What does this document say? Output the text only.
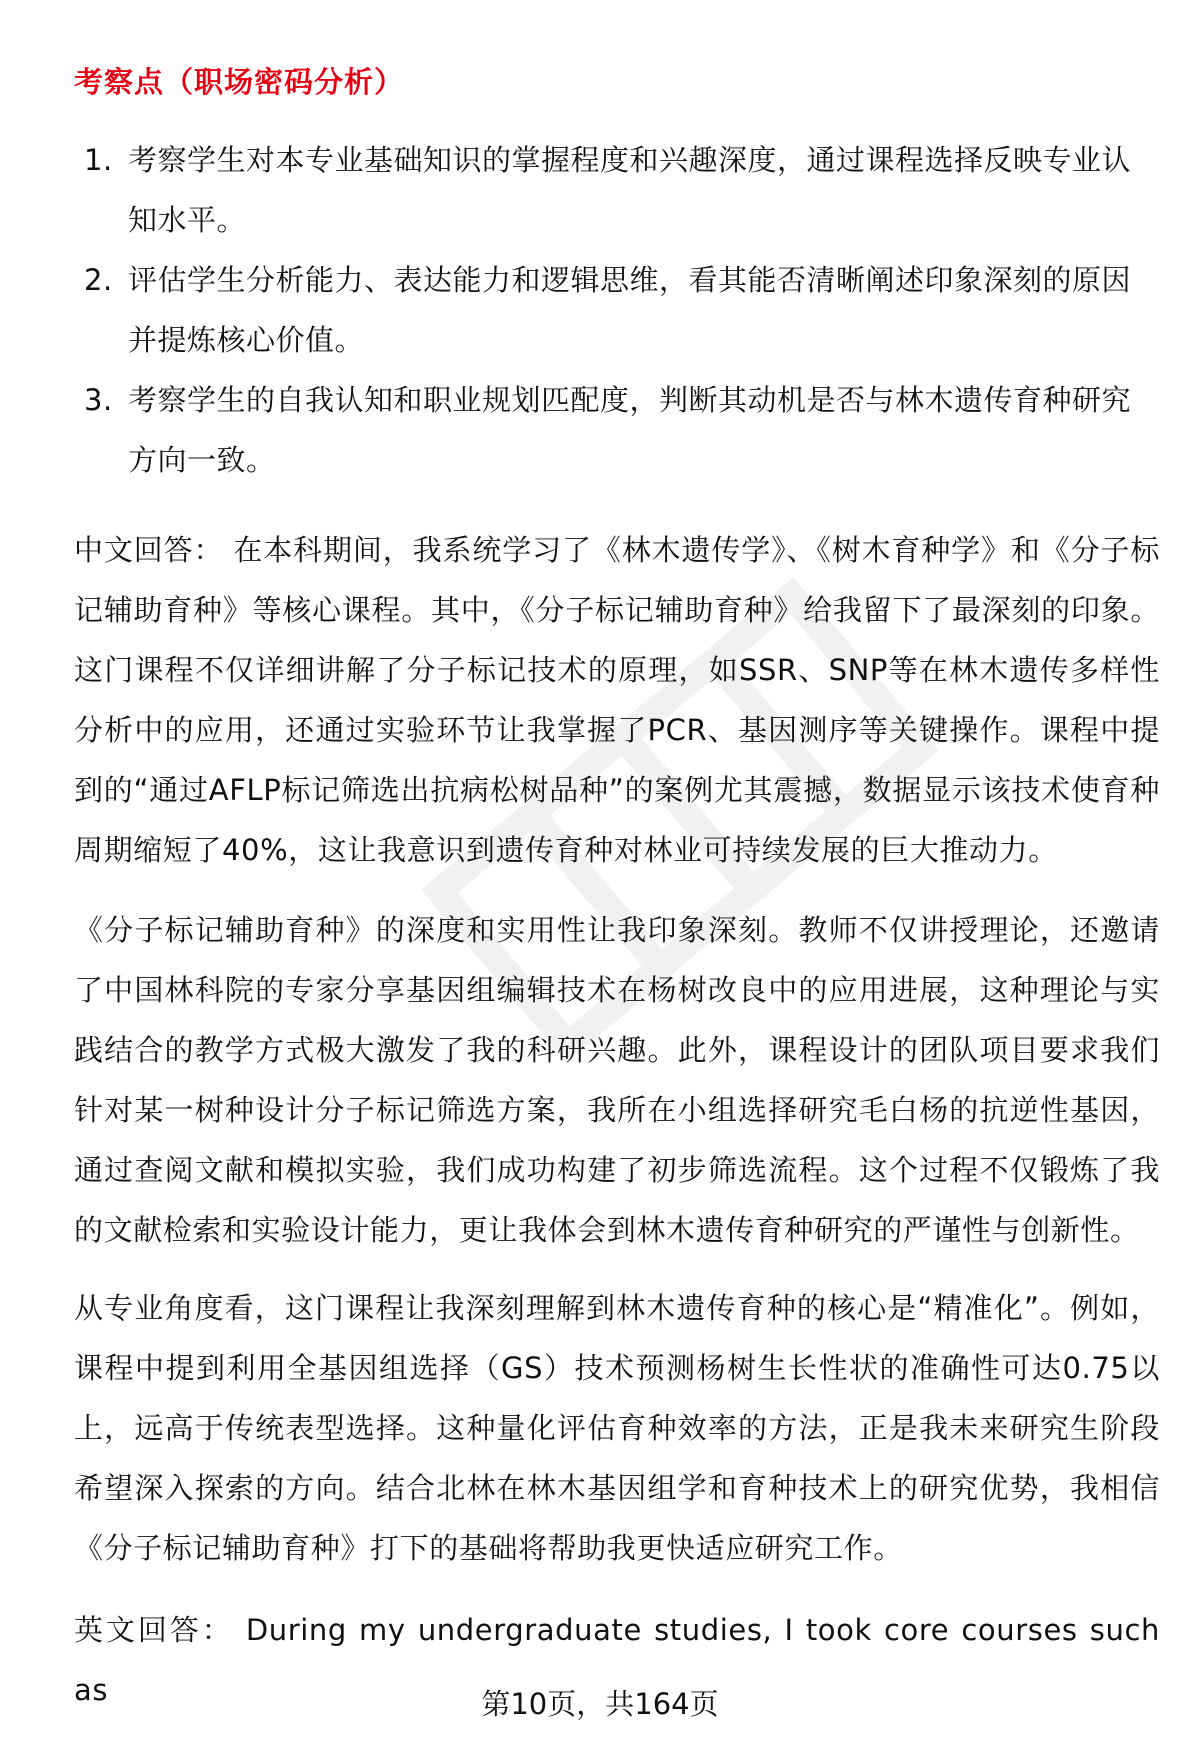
考察点（职场密码分析）
1. 考察学生对本专业基础知识的掌握程度和兴趣深度，通过课程选择反映专业认知水平。
2. 评估学生分析能力、表达能力和逻辑思维，看其能否清晰阐述印象深刻的原因并提炼核心价值。
3. 考察学生的自我认知和职业规划匹配度，判断其动机是否与林木遗传育种研究方向一致。

中文回答： 在本科期间，我系统学习了《林木遗传学》、《树木育种学》和《分子标记辅助育种》等核心课程。其中，《分子标记辅助育种》给我留下了最深刻的印象。这门课程不仅详细讲解了分子标记技术的原理，如SSR、SNP等在林木遗传多样性分析中的应用，还通过实验环节让我掌握了PCR、基因测序等关键操作。课程中提到的“通过AFLP标记筛选出抗病松树品种”的案例尤其震撼，数据显示该技术使育种周期缩短了40%，这让我意识到遗传育种对林业可持续发展的巨大推动力。

《分子标记辅助育种》的深度和实用性让我印象深刻。教师不仅讲授理论，还邀请了中国林科院的专家分享基因组编辑技术在杨树改良中的应用进展，这种理论与实践结合的教学方式极大激发了我的科研兴趣。此外，课程设计的团队项目要求我们针对某一树种设计分子标记筛选方案，我所在小组选择研究毛白杨的抗逆性基因，通过查阅文献和模拟实验，我们成功构建了初步筛选流程。这个过程不仅锻炼了我的文献检索和实验设计能力，更让我体会到林木遗传育种研究的严谨性与创新性。

从专业角度看，这门课程让我深刻理解到林木遗传育种的核心是“精准化”。例如，课程中提到利用全基因组选择（GS）技术预测杨树生长性状的准确性可达0.75以上，远高于传统表型选择。这种量化评估育种效率的方法，正是我未来研究生阶段希望深入探索的方向。结合北林在林木基因组学和育种技术上的研究优势，我相信《分子标记辅助育种》打下的基础将帮助我更快适应研究工作。

英文回答： During my undergraduate studies, I took core courses such as	第10页，共164页
